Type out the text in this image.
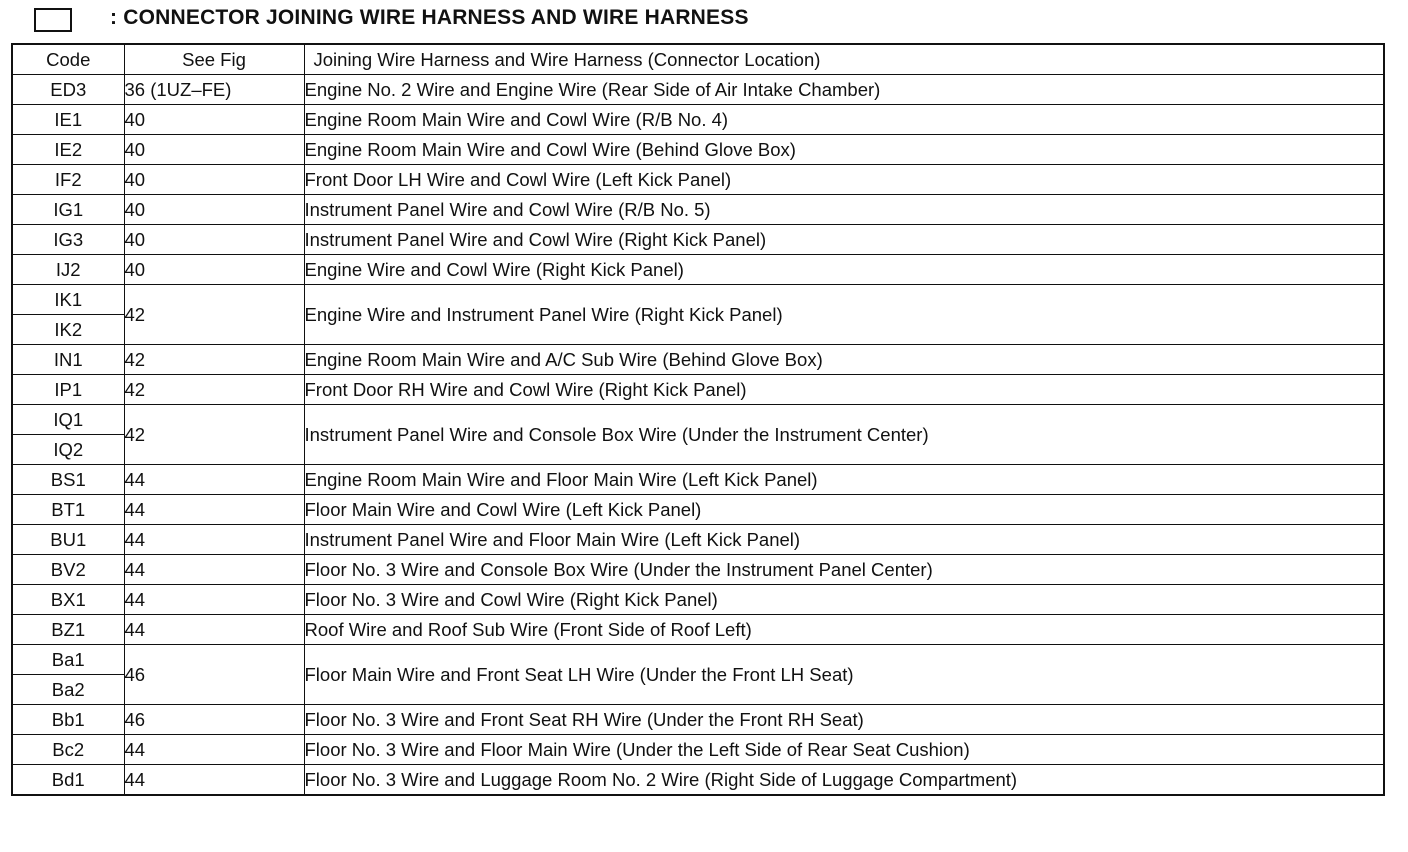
: CONNECTOR JOINING WIRE HARNESS AND WIRE HARNESS
Code	See Fig	Joining Wire Harness and Wire Harness (Connector Location)
ED3	36 (1UZ–FE)	Engine No. 2 Wire and Engine Wire (Rear Side of Air Intake Chamber)
IE1	40	Engine Room Main Wire and Cowl Wire (R/B No. 4)
IE2	40	Engine Room Main Wire and Cowl Wire (Behind Glove Box)
IF2	40	Front Door LH Wire and Cowl Wire (Left Kick Panel)
IG1	40	Instrument Panel Wire and Cowl Wire (R/B No. 5)
IG3	40	Instrument Panel Wire and Cowl Wire (Right Kick Panel)
IJ2	40	Engine Wire and Cowl Wire (Right Kick Panel)
IK1	42	Engine Wire and Instrument Panel Wire (Right Kick Panel)
IK2		
IN1	42	Engine Room Main Wire and A/C Sub Wire (Behind Glove Box)
IP1	42	Front Door RH Wire and Cowl Wire (Right Kick Panel)
IQ1	42	Instrument Panel Wire and Console Box Wire (Under the Instrument Center)
IQ2		
BS1	44	Engine Room Main Wire and Floor Main Wire (Left Kick Panel)
BT1	44	Floor Main Wire and Cowl Wire (Left Kick Panel)
BU1	44	Instrument Panel Wire and Floor Main Wire (Left Kick Panel)
BV2	44	Floor No. 3 Wire and Console Box Wire (Under the Instrument Panel Center)
BX1	44	Floor No. 3 Wire and Cowl Wire (Right Kick Panel)
BZ1	44	Roof Wire and Roof Sub Wire (Front Side of Roof Left)
Ba1	46	Floor Main Wire and Front Seat LH Wire (Under the Front LH Seat)
Ba2		
Bb1	46	Floor No. 3 Wire and Front Seat RH Wire (Under the Front RH Seat)
Bc2	44	Floor No. 3 Wire and Floor Main Wire (Under the Left Side of Rear Seat Cushion)
Bd1	44	Floor No. 3 Wire and Luggage Room No. 2 Wire (Right Side of Luggage Compartment)
